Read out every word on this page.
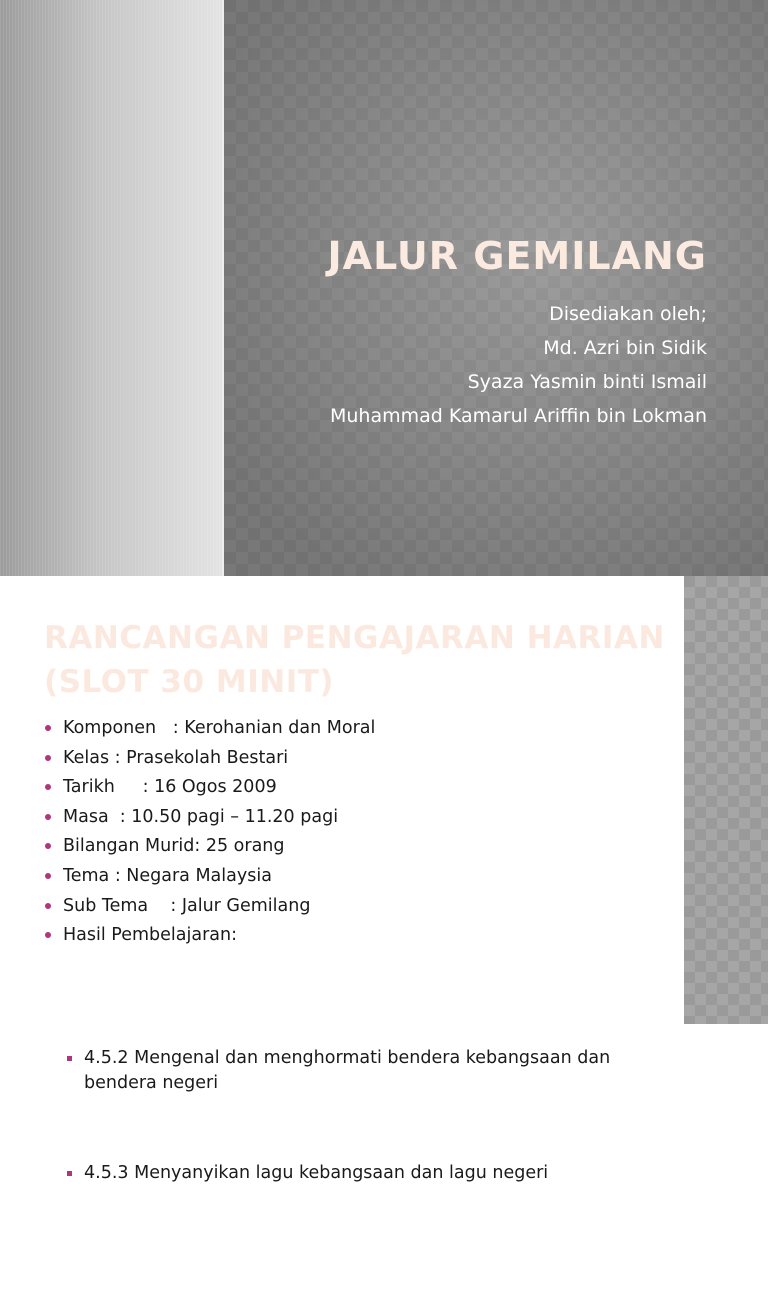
JALUR GEMILANG
Disediakan oleh;
Md. Azri bin Sidik
Syaza Yasmin binti Ismail
Muhammad Kamarul Ariffin bin Lokman
RANCANGAN PENGAJARAN HARIAN
(SLOT 30 MINIT)
Komponen   : Kerohanian dan Moral
Kelas : Prasekolah Bestari
Tarikh     : 16 Ogos 2009
Masa  : 10.50 pagi – 11.20 pagi
Bilangan Murid: 25 orang
Tema : Negara Malaysia
Sub Tema    : Jalur Gemilang
Hasil Pembelajaran:

4.5.2 Mengenal dan menghormati bendera kebangsaan dan bendera negeri

4.5.3 Menyanyikan lagu kebangsaan dan lagu negeri
